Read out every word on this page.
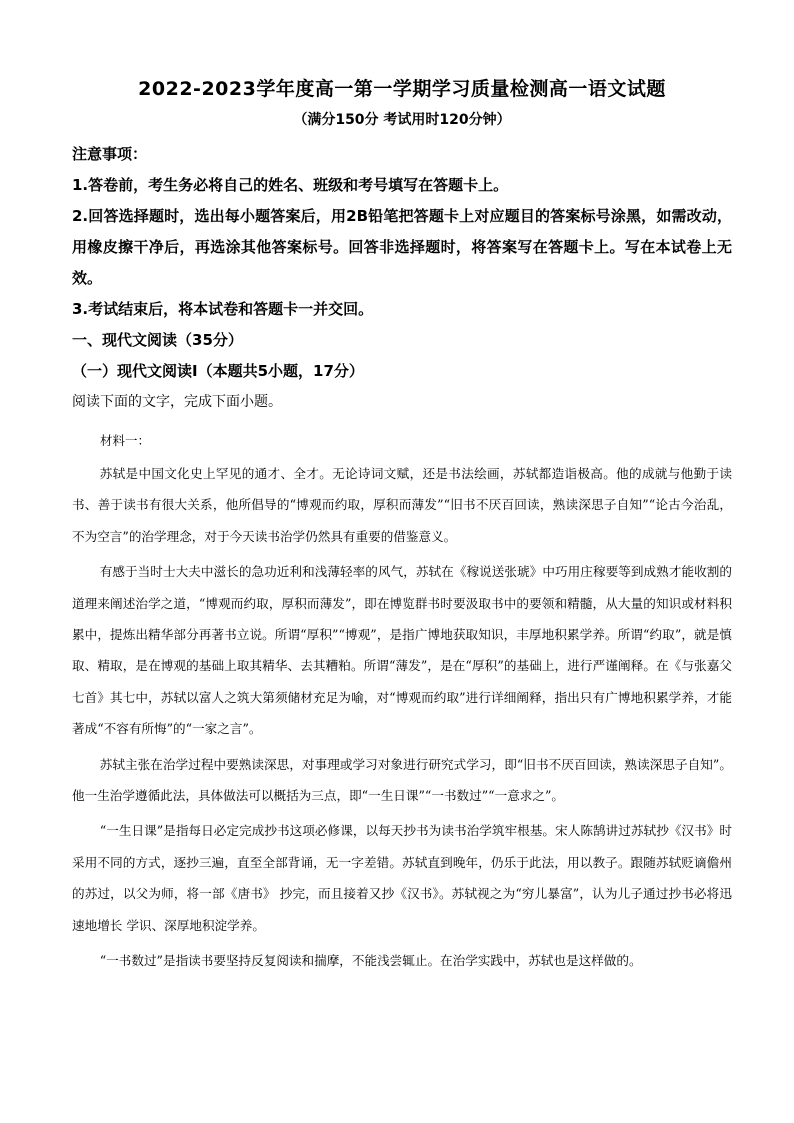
2022-2023学年度高一第一学期学习质量检测高一语文试题
（满分150分 考试用时120分钟）

注意事项：

1.答卷前，考生务必将自己的姓名、班级和考号填写在答题卡上。

2.回答选择题时，选出每小题答案后，用2B铅笔把答题卡上对应题目的答案标号涂黑，如需改动，用橡皮擦干净后，再选涂其他答案标号。回答非选择题时，将答案写在答题卡上。写在本试卷上无效。

3.考试结束后，将本试卷和答题卡一并交回。

一、现代文阅读（35分）

（一）现代文阅读Ⅰ（本题共5小题，17分）

阅读下面的文字，完成下面小题。

材料一：

苏轼是中国文化史上罕见的通才、全才。无论诗词文赋，还是书法绘画，苏轼都造诣极高。他的成就与他勤于读书、善于读书有很大关系，他所倡导的“博观而约取，厚积而薄发”“旧书不厌百回读，熟读深思子自知”“论古今治乱，不为空言”的治学理念，对于今天读书治学仍然具有重要的借鉴意义。

有感于当时士大夫中滋长的急功近利和浅薄轻率的风气，苏轼在《稼说送张琥》中巧用庄稼要等到成熟才能收割的道理来阐述治学之道，“博观而约取，厚积而薄发”，即在博览群书时要汲取书中的要领和精髓，从大量的知识或材料积累中，提炼出精华部分再著书立说。所谓“厚积”“博观”，是指广博地获取知识，丰厚地积累学养。所谓“约取”，就是慎取、精取，是在博观的基础上取其精华、去其糟粕。所谓“薄发”，是在“厚积”的基础上，进行严谨阐释。在《与张嘉父七首》其七中，苏轼以富人之筑大第须储材充足为喻，对“博观而约取”进行详细阐释，指出只有广博地积累学养，才能著成“不容有所悔”的“一家之言”。

苏轼主张在治学过程中要熟读深思，对事理或学习对象进行研究式学习，即“旧书不厌百回读，熟读深思子自知”。他一生治学遵循此法，具体做法可以概括为三点，即“一生日课”“一书数过”“一意求之”。

“一生日课”是指每日必定完成抄书这项必修课，以每天抄书为读书治学筑牢根基。宋人陈鹄讲过苏轼抄《汉书》时采用不同的方式，逐抄三遍，直至全部背诵，无一字差错。苏轼直到晚年，仍乐于此法，用以教子。跟随苏轼贬谪儋州的苏过，以父为师，将一部《唐书》 抄完，而且接着又抄《汉书》。苏轼视之为“穷儿暴富”，认为儿子通过抄书必将迅速地增长 学识、深厚地积淀学养。

“一书数过”是指读书要坚持反复阅读和揣摩，不能浅尝辄止。在治学实践中，苏轼也是这样做的。
